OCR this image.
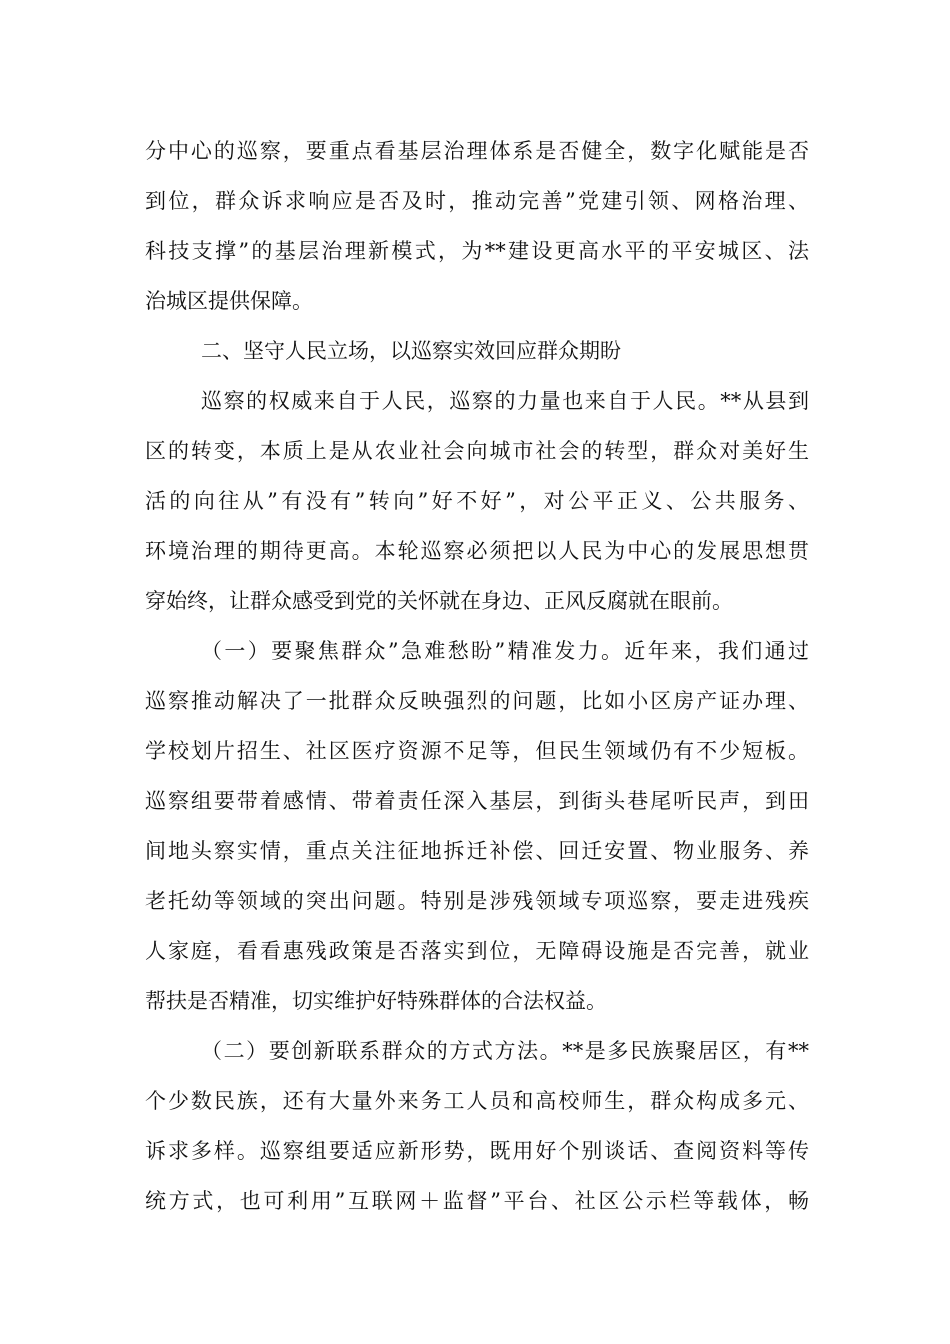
分中心的巡察，要重点看基层治理体系是否健全，数字化赋能是否
到位，群众诉求响应是否及时，推动完善”党建引领、网格治理、
科技支撑”的基层治理新模式，为**建设更高水平的平安城区、法
治城区提供保障。
二、坚守人民立场，以巡察实效回应群众期盼
巡察的权威来自于人民，巡察的力量也来自于人民。**从县到
区的转变，本质上是从农业社会向城市社会的转型，群众对美好生
活的向往从”有没有”转向”好不好”，对公平正义、公共服务、
环境治理的期待更高。本轮巡察必须把以人民为中心的发展思想贯
穿始终，让群众感受到党的关怀就在身边、正风反腐就在眼前。
（一）要聚焦群众”急难愁盼”精准发力。近年来，我们通过
巡察推动解决了一批群众反映强烈的问题，比如小区房产证办理、
学校划片招生、社区医疗资源不足等，但民生领域仍有不少短板。
巡察组要带着感情、带着责任深入基层，到街头巷尾听民声，到田
间地头察实情，重点关注征地拆迁补偿、回迁安置、物业服务、养
老托幼等领域的突出问题。特别是涉残领域专项巡察，要走进残疾
人家庭，看看惠残政策是否落实到位，无障碍设施是否完善，就业
帮扶是否精准，切实维护好特殊群体的合法权益。
（二）要创新联系群众的方式方法。**是多民族聚居区，有**
个少数民族，还有大量外来务工人员和高校师生，群众构成多元、
诉求多样。巡察组要适应新形势，既用好个别谈话、查阅资料等传
统方式，也可利用”互联网＋监督”平台、社区公示栏等载体，畅
